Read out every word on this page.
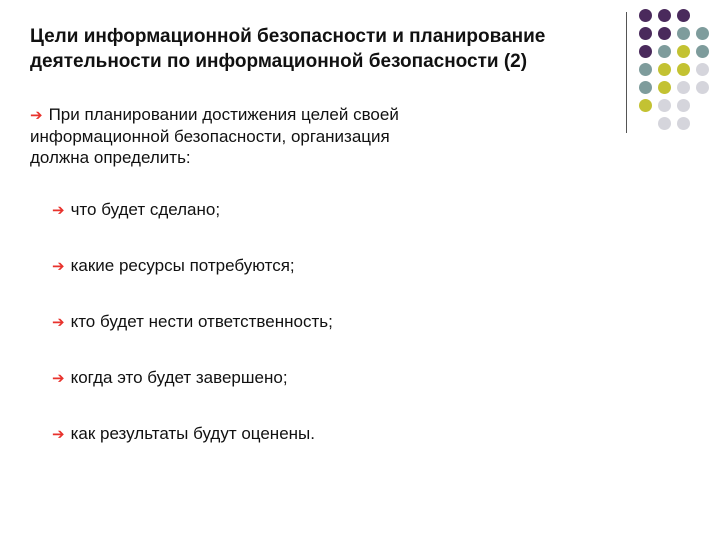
Цели информационной безопасности и планирование
деятельности по информационной безопасности (2)
➔ При планировании достижения целей своей
информационной безопасности, организация
должна определить:
➔ что будет сделано;
➔ какие ресурсы потребуются;
➔ кто будет нести ответственность;
➔ когда это будет завершено;
➔ как результаты будут оценены.
